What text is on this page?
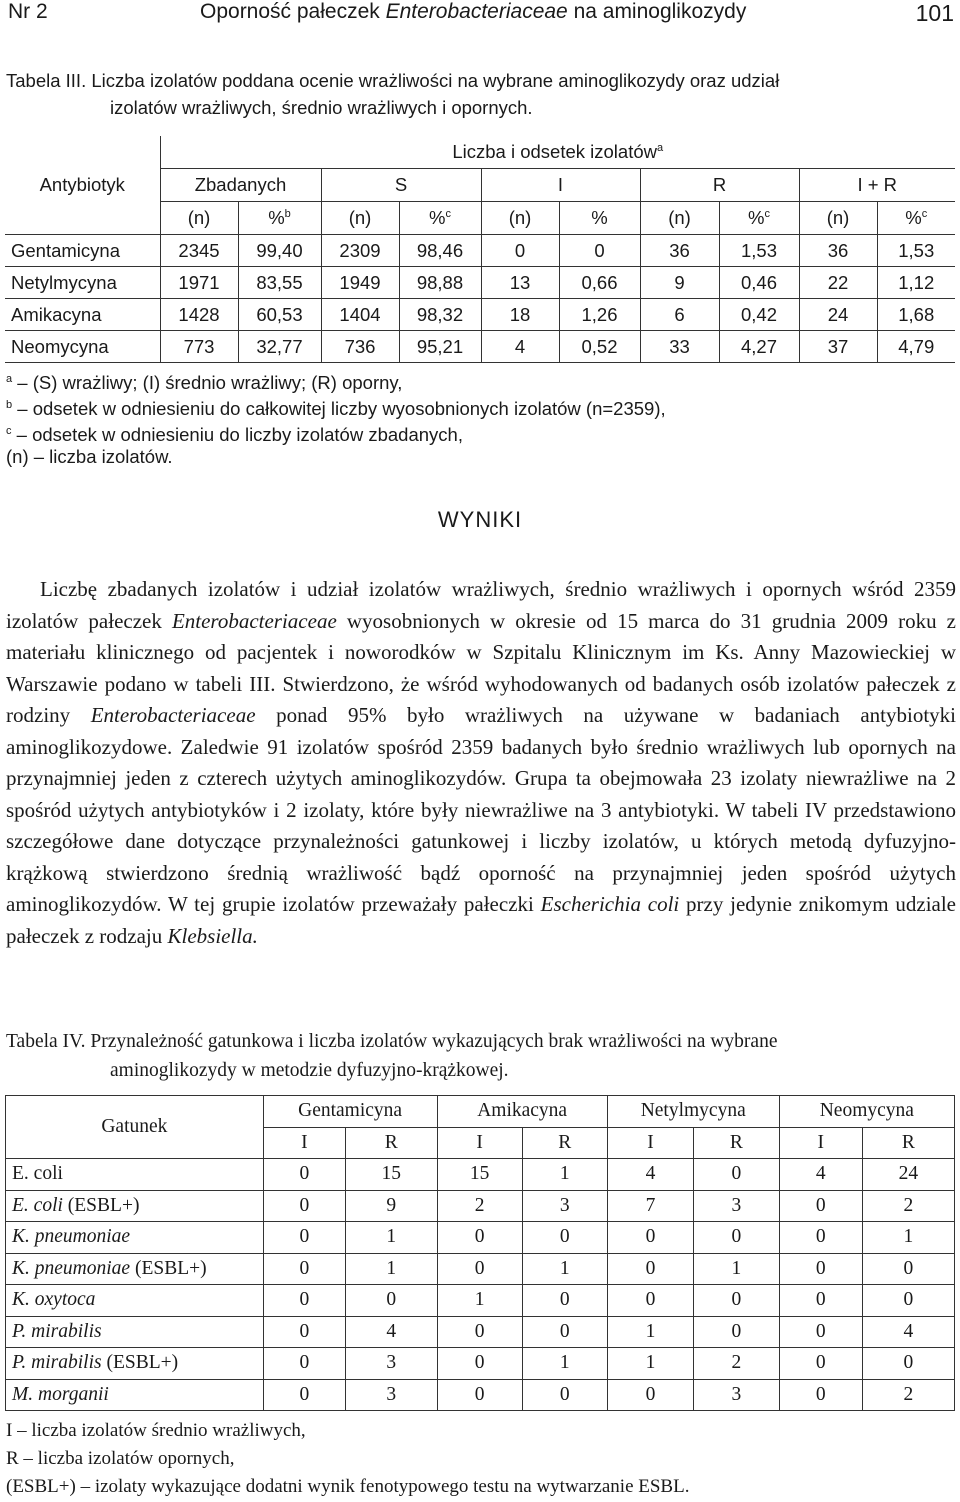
Nr 2	Oporność pałeczek Enterobacteriaceae na aminoglikozydy	101
Tabela III. Liczba izolatów poddana ocenie wrażliwości na wybrane aminoglikozydy oraz udział
izolatów wrażliwych, średnio wrażliwych i opornych.
	Liczba i odsetek izolatów$^a$
Antybiotyk	Zbadanych		S		I		R		I + R	
	(n)	%$^b$	(n)	%$^c$	(n)	%	(n)	%$^c$	(n)	%$^c$
Gentamicyna	2345	99,40	2309	98,46	0	0	36	1,53	36	1,53
Netylmycyna	1971	83,55	1949	98,88	13	0,66	9	0,46	22	1,12
Amikacyna	1428	60,53	1404	98,32	18	1,26	6	0,42	24	1,68
Neomycyna	773	32,77	736	95,21	4	0,52	33	4,27	37	4,79
$^a$ – (S) wrażliwy; (I) średnio wrażliwy; (R) oporny,
$^b$ – odsetek w odniesieniu do całkowitej liczby wyosobnionych izolatów (n=2359),
$^c$ – odsetek w odniesieniu do liczby izolatów zbadanych,
(n) – liczba izolatów.
WYNIKI

Liczbę zbadanych izolatów i udział izolatów wrażliwych, średnio wrażliwych i opornych wśród 2359 izolatów pałeczek Enterobacteriaceae wyosobnionych w okresie od 15 marca do 31 grudnia 2009 roku z materiału klinicznego od pacjentek i noworodków w Szpitalu Klinicznym im Ks. Anny Mazowieckiej w Warszawie podano w tabeli III. Stwierdzono, że wśród wyhodowanych od badanych osób izolatów pałeczek z rodziny Enterobacteriaceae ponad 95% było wrażliwych na używane w badaniach antybiotyki aminoglikozydowe. Zaledwie 91 izolatów spośród 2359 badanych było średnio wrażliwych lub opornych na przynajmniej jeden z czterech użytych aminoglikozydów. Grupa ta obejmowała 23 izolaty niewrażliwe na 2 spośród użytych antybiotyków i 2 izolaty, które były niewrażliwe na 3 antybiotyki. W tabeli IV przedstawiono szczegółowe dane dotyczące przynależności gatunkowej i liczby izolatów, u których metodą dyfuzyjno-krążkową stwierdzono średnią wrażliwość bądź oporność na przynajmniej jeden spośród użytych aminoglikozydów. W tej grupie izolatów przeważały pałeczki Escherichia coli przy jedynie znikomym udziale pałeczek z rodzaju Klebsiella.

Tabela IV. Przynależność gatunkowa i liczba izolatów wykazujących brak wrażliwości na wybrane
aminoglikozydy w metodzie dyfuzyjno-krążkowej.
Gatunek	Gentamicyna		Amikacyna		Netylmycyna		Neomycyna	
	I	R	I	R	I	R	I	R
E. coli	0	15	15	1	4	0	4	24
E. coli (ESBL+)	0	9	2	3	7	3	0	2
K. pneumoniae	0	1	0	0	0	0	0	1
K. pneumoniae (ESBL+)	0	1	0	1	0	1	0	0
K. oxytoca	0	0	1	0	0	0	0	0
P. mirabilis	0	4	0	0	1	0	0	4
P. mirabilis (ESBL+)	0	3	0	1	1	2	0	0
M. morganii	0	3	0	0	0	3	0	2
I – liczba izolatów średnio wrażliwych,
R – liczba izolatów opornych,
(ESBL+) – izolaty wykazujące dodatni wynik fenotypowego testu na wytwarzanie ESBL.
